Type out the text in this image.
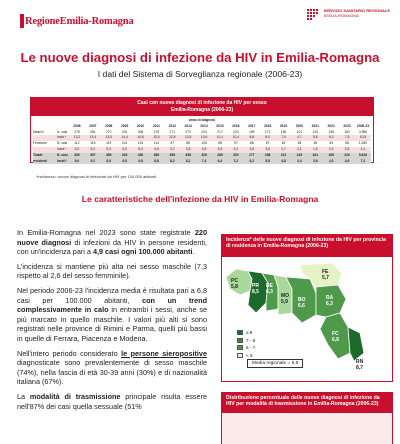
RegioneEmilia-Romagna
SERVIZIO SANITARIO REGIONALE
EMILIA-ROMAGNA
Le nuove diagnosi di infezione da HIV in Emilia-Romagna
I dati del Sistema di Sorveglianza regionale (2006-23)
Casi con nuova diagnosi di infezione da HIV per sesso
Emilia-Romagna (2006-23)
anno di diagnosi
2006	2007	2008	2009	2010	2011	2012	2013	2014	2015	2016	2017	2018	2019	2020	2021	2022	2023	2006-23
Maschi	N. casi	278	281	270	301	306	275	271	270	224	217	223	189	171	150	101	125	136	162	3.986
Incid.*	13,2	13,4	13,0	14,4	14,6	13,0	12,8	12,5	10,6	10,1	10,4	8,8	8,0	7,0	4,7	5,8	6,3	7,5	10,5
Femmine	N. casi	112	116	119	114	124	114	87	88	105	68	97	88	87	62	48	36	53	58	1.630
Incid.*	5,0	5,2	5,3	5,0	5,4	4,9	3,7	3,8	4,5	2,9	4,2	3,8	3,8	2,7	2,1	1,6	2,3	2,5	4,1
Totale residenti
N. casi	390	397	389	415	430	389	358	358	329	285	320	277	258	212	149	161	189	220	5.616
Incid.*	9,0	9,2	8,9	9,5	9,8	8,8	8,2	8,1	7,4	6,4	7,2	6,2	5,8	4,8	3,4	3,6	4,3	4,9	7,2
*incidenza= nuove diagnosi di infezione da HIV per 100.000 abitanti
Le caratteristiche dell'infezione da HIV in Emilia-Romagna

In Emilia-Romagna nel 2023 sono state registrate 220 nuove diagnosi di infezioni da HIV in persone residenti, con un'incidenza pari a 4,9 casi ogni 100.000 abitanti.

L'incidenza si mantiene più alta nei sesso maschile (7,3 rispetto al 2,6 del sesso femminile).

Nel periodo 2006-23 l'incidenza media è risultata pari a 6,8 casi per 100.000 abitanti, con un trend complessivamente in calo in entrambi i sessi, anche se più marcato in quello maschile. I valori più alti si sono registrati nelle province di Rimini e Parma, quelli più bassi in quelle di Ferrara, Piacenza e Modena.

Nell'intero periodo considerato le persone sieropositive diagnosticate sono prevalentemente di sesso maschile (74%), nella fascia di età 30-39 anni (30%) e di nazionalità italiana (67%).

La modalità di trasmissione principale risulta essere nell'87% dei casi quella sessuale (51%

Incidenza* delle nuove diagnosi di infezione da HIV per provincia di residenza in Emilia-Romagna (2006-23)
PC
5,8	PR
8,5
RE
6,3
MO
5,9 BO
6,6
FE
5,7
RA
6,3
FC
6,8
RN
8,7
≥ 8
7 - 8
6 - 7
< 6
Media regionale = 6,8
Distribuzione percentuale delle nuove diagnosi di infezione da HIV per modalità di trasmissione in Emilia-Romagna (2006-23)
